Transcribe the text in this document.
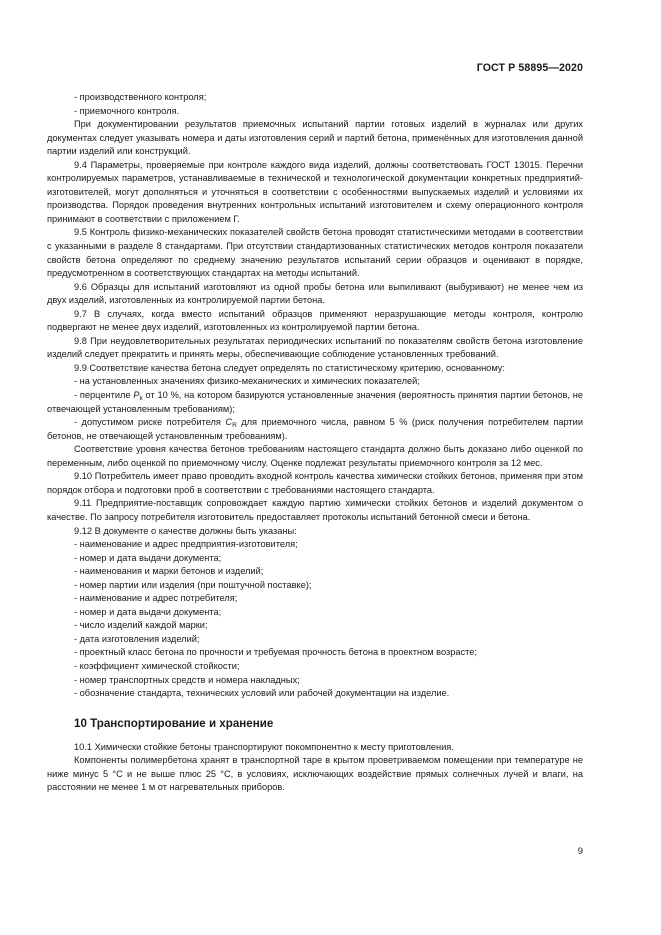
ГОСТ Р 58895—2020

- производственного контроля;

- приемочного контроля.

При документировании результатов приемочных испытаний партии готовых изделий в журналах или других документах следует указывать номера и даты изготовления серий и партий бетона, применённых для изготовления данной партии изделий или конструкций.

9.4 Параметры, проверяемые при контроле каждого вида изделий, должны соответствовать ГОСТ 13015. Перечни контролируемых параметров, устанавливаемые в технической и технологической документации конкретных предприятий-изготовителей, могут дополняться и уточняться в соответствии с особенностями выпускаемых изделий и условиями их производства. Порядок проведения внутренних контрольных испытаний изготовителем и схему операционного контроля принимают в соответствии с приложением Г.

9.5 Контроль физико-механических показателей свойств бетона проводят статистическими методами в соответствии с указанными в разделе 8 стандартами. При отсутствии стандартизованных статистических методов контроля показатели свойств бетона определяют по среднему значению результатов испытаний серии образцов и оценивают в порядке, предусмотренном в соответствующих стандартах на методы испытаний.

9.6 Образцы для испытаний изготовляют из одной пробы бетона или выпиливают (выбуривают) не менее чем из двух изделий, изготовленных из контролируемой партии бетона.

9.7 В случаях, когда вместо испытаний образцов применяют неразрушающие методы контроля, контролю подвергают не менее двух изделий, изготовленных из контролируемой партии бетона.

9.8 При неудовлетворительных результатах периодических испытаний по показателям свойств бетона изготовление изделий следует прекратить и принять меры, обеспечивающие соблюдение установленных требований.

9.9 Соответствие качества бетона следует определять по статистическому критерию, основанному:

- на установленных значениях физико-механических и химических показателей;

- перцентиле $P_k$ от 10 %, на котором базируются установленные значения (вероятность принятия партии бетонов, не отвечающей установленным требованиям);

- допустимом риске потребителя $C_R$ для приемочного числа, равном 5 % (риск получения потребителем партии бетонов, не отвечающей установленным требованиям).

Соответствие уровня качества бетонов требованиям настоящего стандарта должно быть доказано либо оценкой по переменным, либо оценкой по приемочному числу. Оценке подлежат результаты приемочного контроля за 12 мес.

9.10 Потребитель имеет право проводить входной контроль качества химически стойких бетонов, применяя при этом порядок отбора и подготовки проб в соответствии с требованиями настоящего стандарта.

9.11 Предприятие-поставщик сопровождает каждую партию химически стойких бетонов и изделий документом о качестве. По запросу потребителя изготовитель предоставляет протоколы испытаний бетонной смеси и бетона.

9.12 В документе о качестве должны быть указаны:

- наименование и адрес предприятия-изготовителя;

- номер и дата выдачи документа;

- наименования и марки бетонов и изделий;

- номер партии или изделия (при поштучной поставке);

- наименование и адрес потребителя;

- номер и дата выдачи документа;

- число изделий каждой марки;

- дата изготовления изделий;

- проектный класс бетона по прочности и требуемая прочность бетона в проектном возрасте;

- коэффициент химической стойкости;

- номер транспортных средств и номера накладных;

- обозначение стандарта, технических условий или рабочей документации на изделие.

10 Транспортирование и хранение

10.1 Химически стойкие бетоны транспортируют покомпонентно к месту приготовления.

Компоненты полимербетона хранят в транспортной таре в крытом проветриваемом помещении при температуре не ниже минус 5 °С и не выше плюс 25 °С, в условиях, исключающих воздействие прямых солнечных лучей и влаги, на расстоянии не менее 1 м от нагревательных приборов.

9
